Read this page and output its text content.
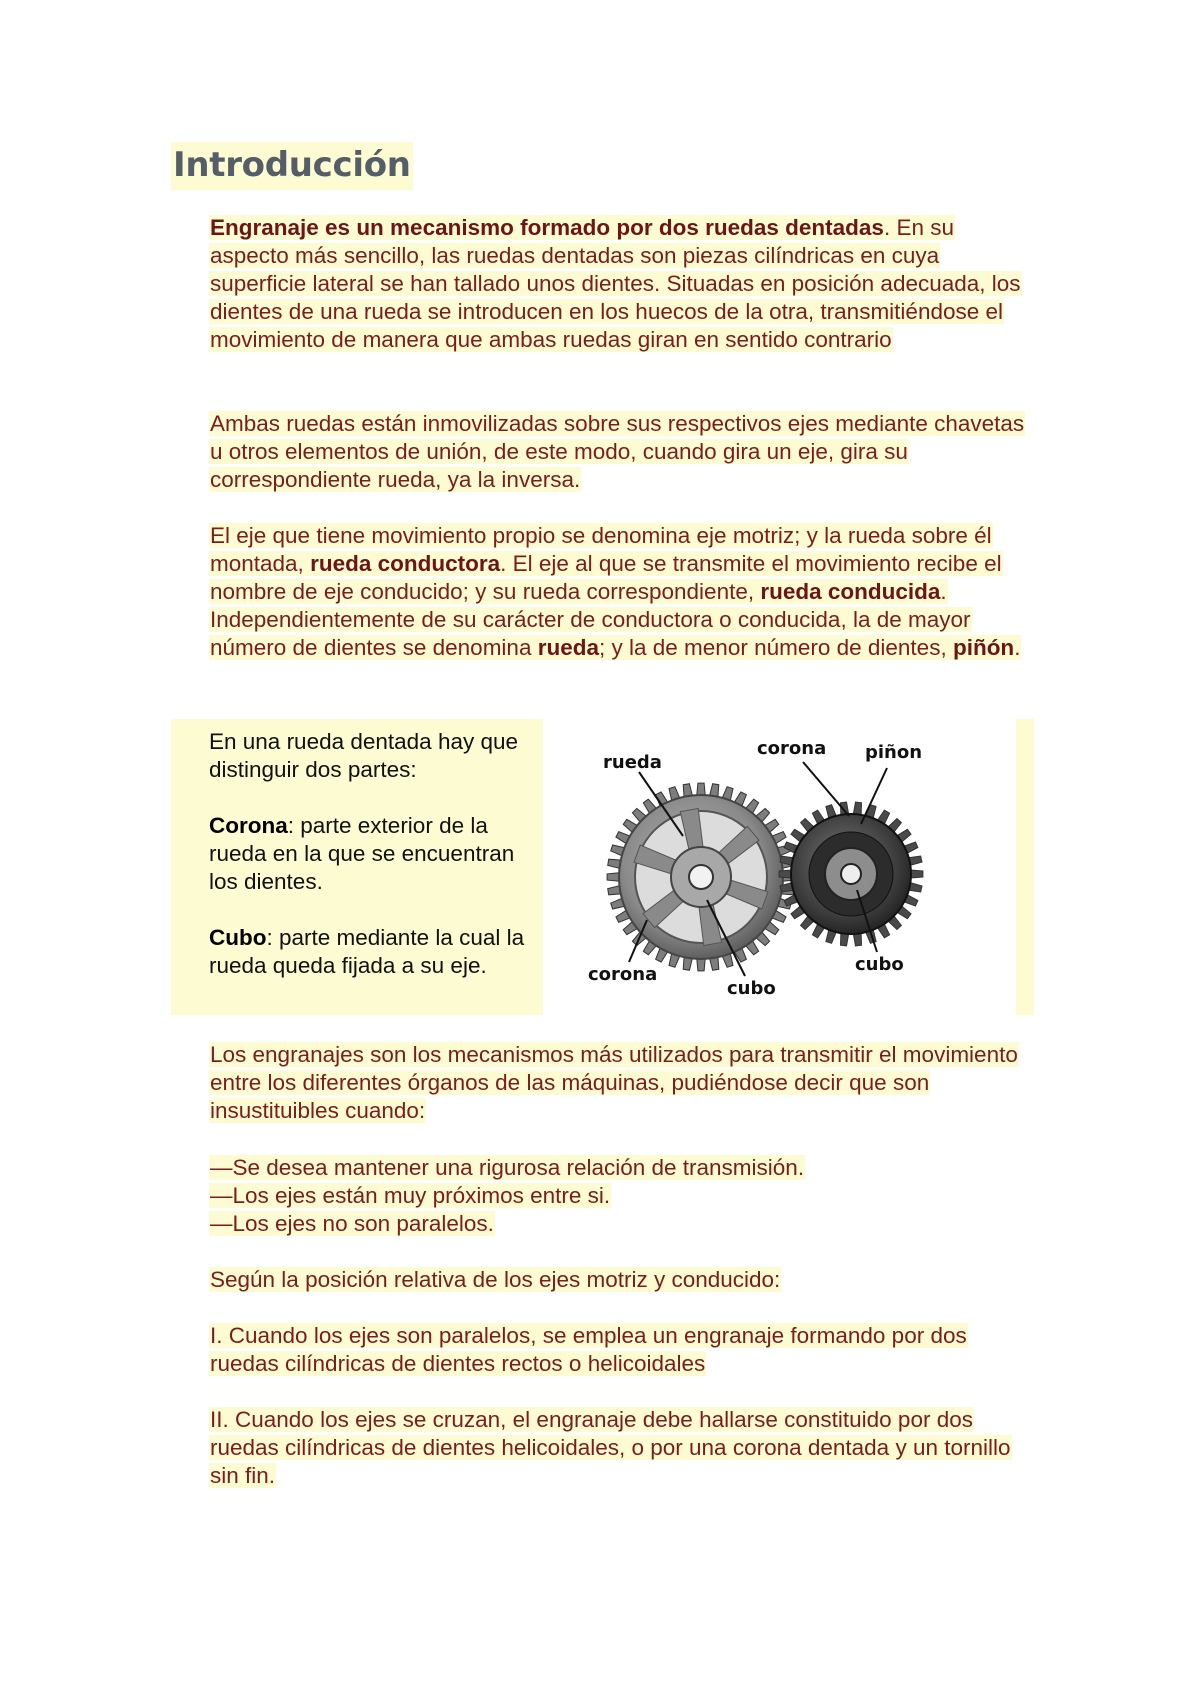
Introducción
Engranaje es un mecanismo formado por dos ruedas dentadas. En su aspecto más sencillo, las ruedas dentadas son piezas cilíndricas en cuya superficie lateral se han tallado unos dientes. Situadas en posición adecuada, los dientes de una rueda se introducen en los huecos de la otra, transmitiéndose el movimiento de manera que ambas ruedas giran en sentido contrario
Ambas ruedas están inmovilizadas sobre sus respectivos ejes mediante chavetas u otros elementos de unión, de este modo, cuando gira un eje, gira su correspondiente rueda, ya la inversa.
El eje que tiene movimiento propio se denomina eje motriz; y la rueda sobre él montada, rueda conductora. El eje al que se transmite el movimiento recibe el nombre de eje conducido; y su rueda correspondiente, rueda conducida. Independientemente de su carácter de conductora o conducida, la de mayor número de dientes se denomina rueda; y la de menor número de dientes, piñón.
En una rueda dentada hay que distinguir dos partes:
Corona: parte exterior de la rueda en la que se encuentran los dientes.
Cubo: parte mediante la cual la rueda queda fijada a su eje.
rueda
corona piñon
corona
cubo
cubo
Los engranajes son los mecanismos más utilizados para transmitir el movimiento entre los diferentes órganos de las máquinas, pudiéndose decir que son insustituibles cuando:
—Se desea mantener una rigurosa relación de transmisión.
—Los ejes están muy próximos entre si.
—Los ejes no son paralelos.
Según la posición relativa de los ejes motriz y conducido:
I. Cuando los ejes son paralelos, se emplea un engranaje formando por dos ruedas cilíndricas de dientes rectos o helicoidales
II. Cuando los ejes se cruzan, el engranaje debe hallarse constituido por dos ruedas cilíndricas de dientes helicoidales, o por una corona dentada y un tornillo sin fin.
